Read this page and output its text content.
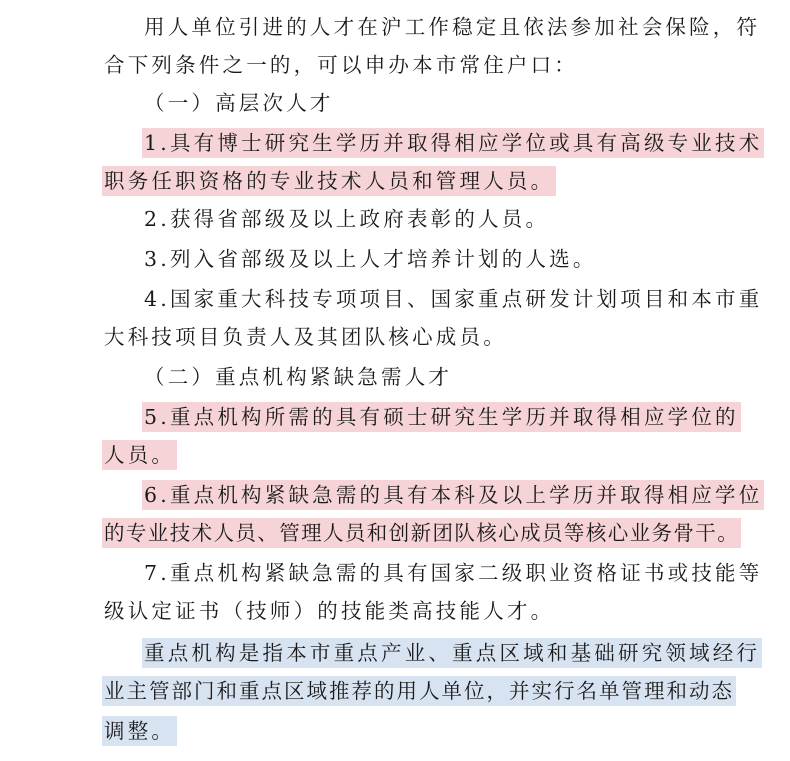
用人单位引进的人才在沪工作稳定且依法参加社会保险，符
合下列条件之一的，可以申办本市常住户口：
（一）高层次人才
1.具有博士研究生学历并取得相应学位或具有高级专业技术
职务任职资格的专业技术人员和管理人员。
2.获得省部级及以上政府表彰的人员。
3.列入省部级及以上人才培养计划的人选。
4.国家重大科技专项项目、国家重点研发计划项目和本市重
大科技项目负责人及其团队核心成员。
（二）重点机构紧缺急需人才
5.重点机构所需的具有硕士研究生学历并取得相应学位的
人员。
6.重点机构紧缺急需的具有本科及以上学历并取得相应学位
的专业技术人员、管理人员和创新团队核心成员等核心业务骨干。
7.重点机构紧缺急需的具有国家二级职业资格证书或技能等
级认定证书（技师）的技能类高技能人才。
重点机构是指本市重点产业、重点区域和基础研究领域经行
业主管部门和重点区域推荐的用人单位，并实行名单管理和动态
调整。
